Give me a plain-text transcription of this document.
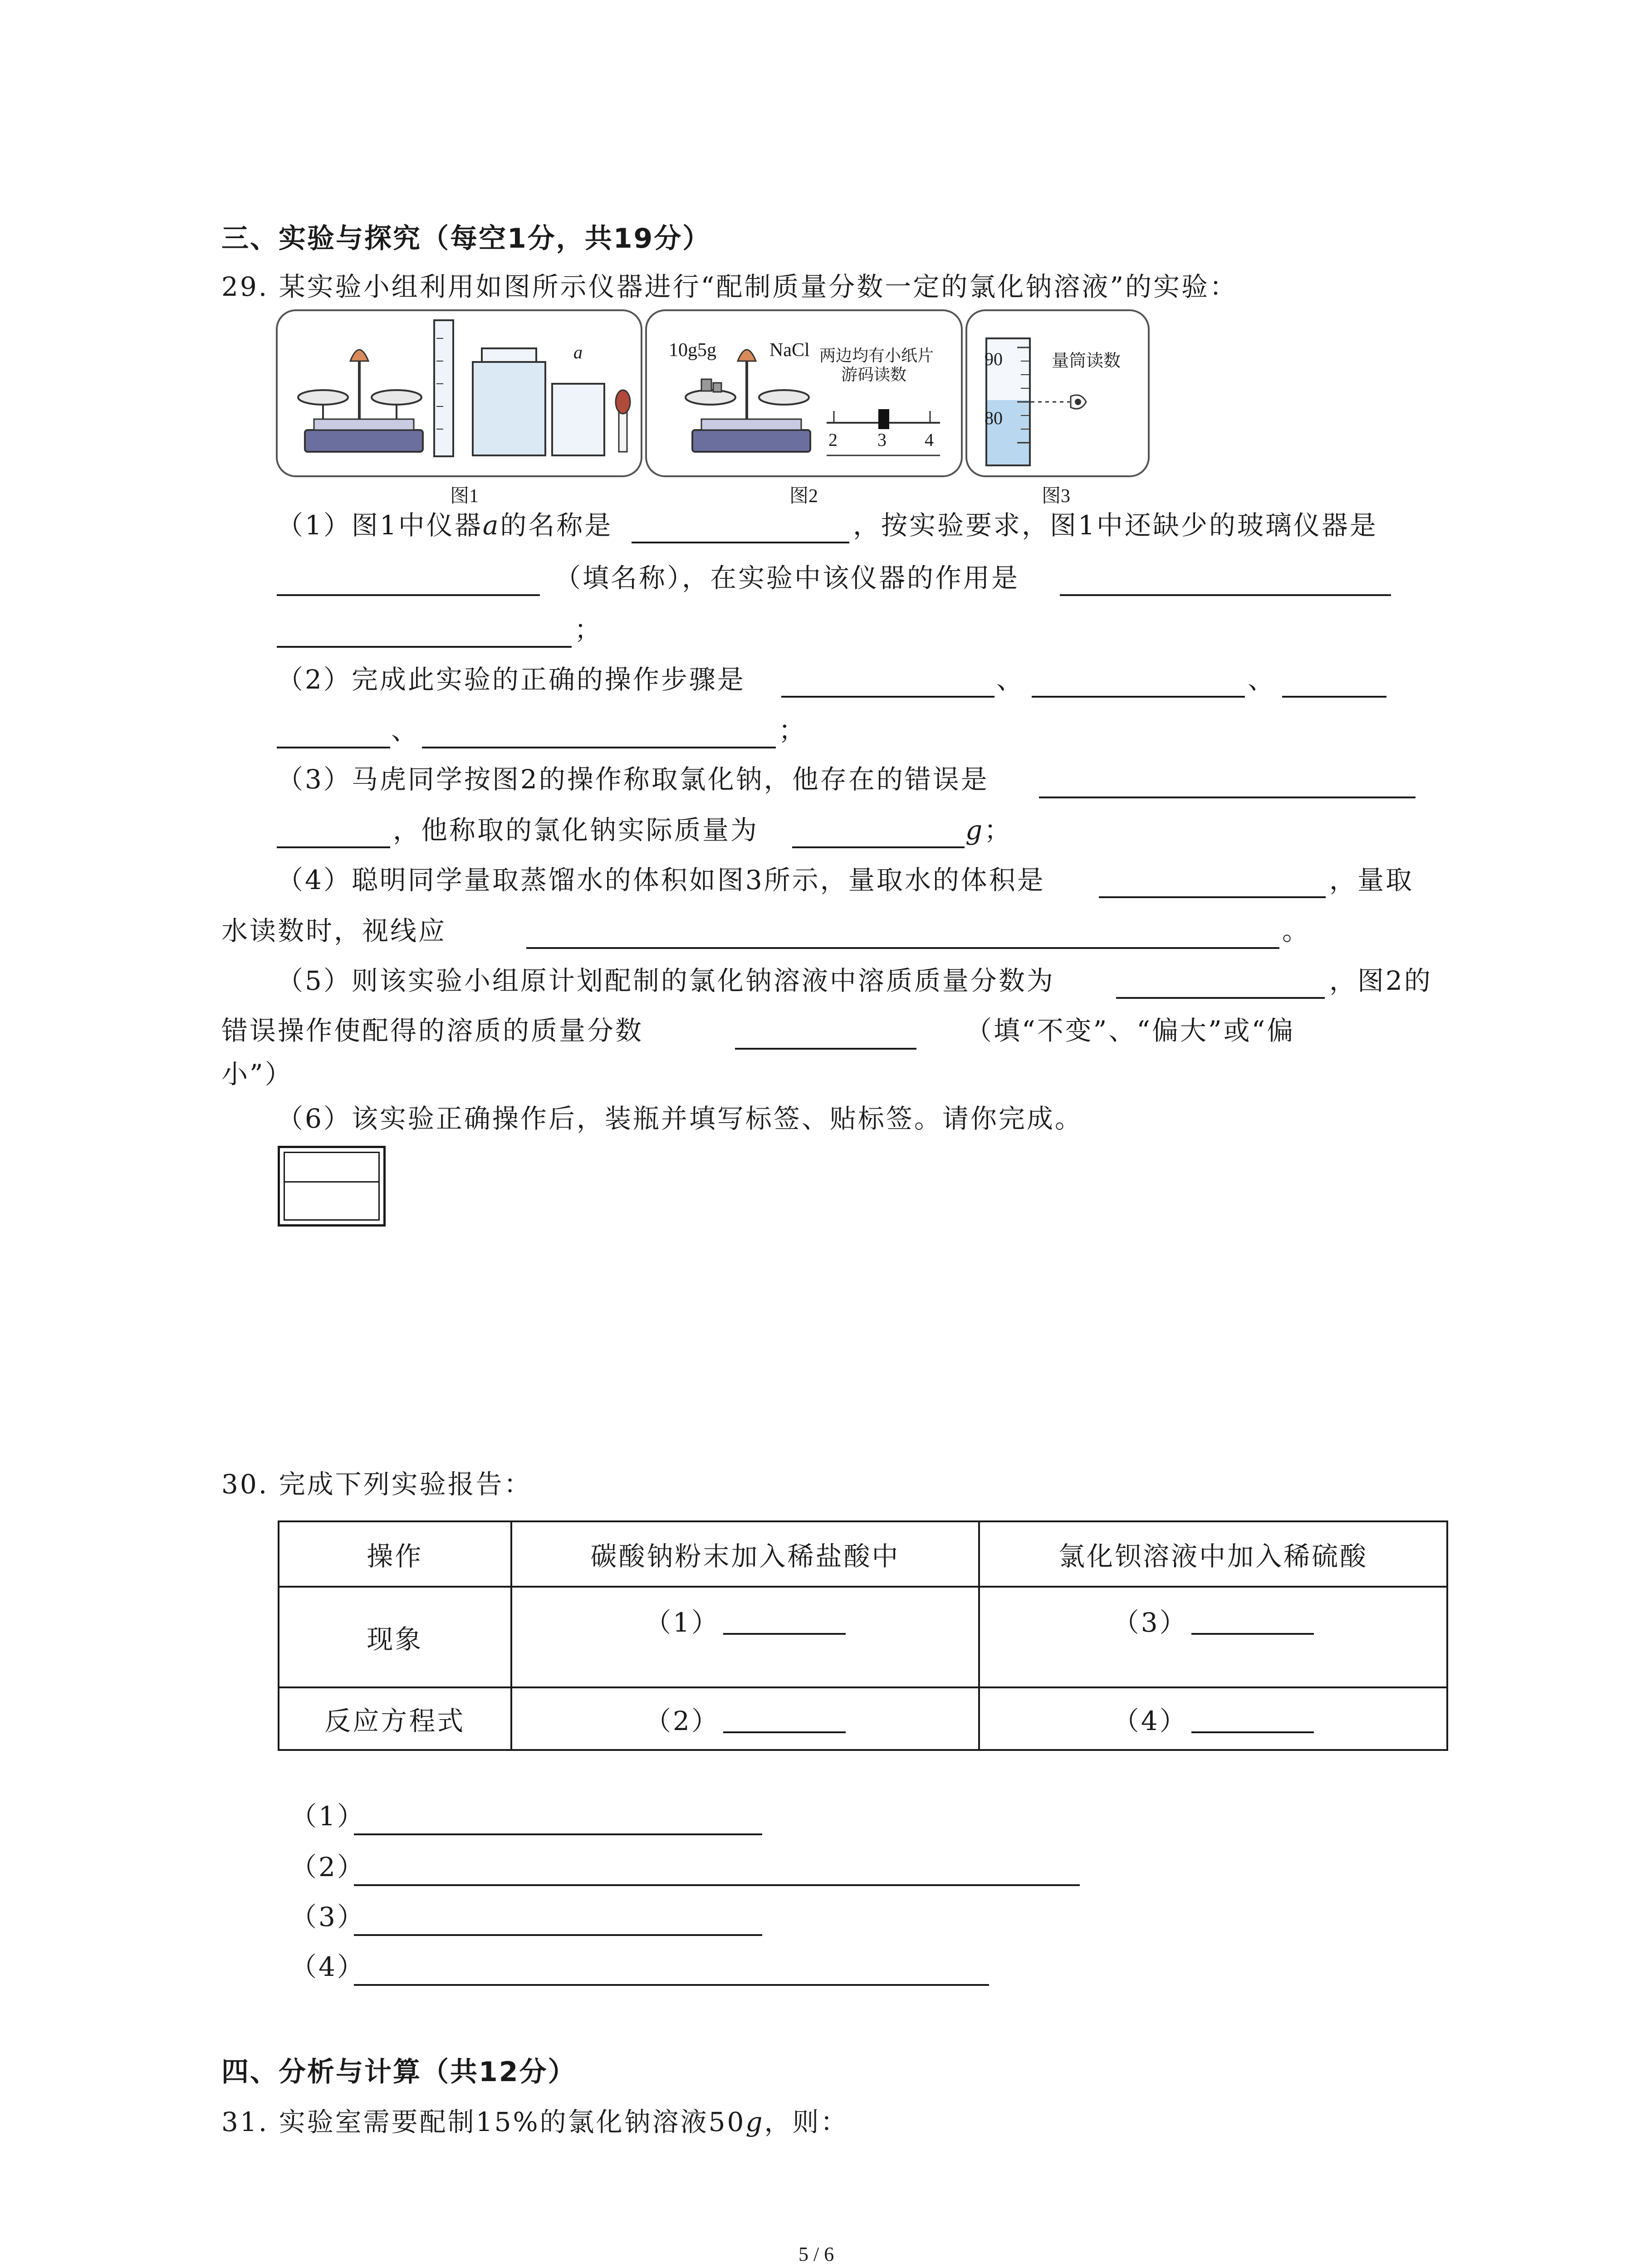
三、实验与探究（每空1分，共19分）
29. 某实验小组利用如图所示仪器进行“配制质量分数一定的氯化钠溶液”的实验：
a
图1
10g5g	NaCl 两边均有小纸片
游码读数
2 3 4
图2
90
80
量筒读数
图3
（1）图1中仪器a的名称是	，按实验要求，图1中还缺少的玻璃仪器是
（填名称），在实验中该仪器的作用是
；
（2）完成此实验的正确的操作步骤是	、	、
、	；
（3）马虎同学按图2的操作称取氯化钠，他存在的错误是
，他称取的氯化钠实际质量为	g；
（4）聪明同学量取蒸馏水的体积如图3所示，量取水的体积是	，量取
水读数时，视线应	。
（5）则该实验小组原计划配制的氯化钠溶液中溶质质量分数为	，图2的
错误操作使配得的溶质的质量分数	（填“不变”、“偏大”或“偏
小”）
（6）该实验正确操作后，装瓶并填写标签、贴标签。请你完成。
30. 完成下列实验报告：
操作	碳酸钠粉末加入稀盐酸中	氯化钡溶液中加入稀硫酸
现象	（1）	（3）
反应方程式	（2）	（4）
（1）
（2）
（3）
（4）
四、分析与计算（共12分）
31. 实验室需要配制15%的氯化钠溶液50g，则：
5 / 6
